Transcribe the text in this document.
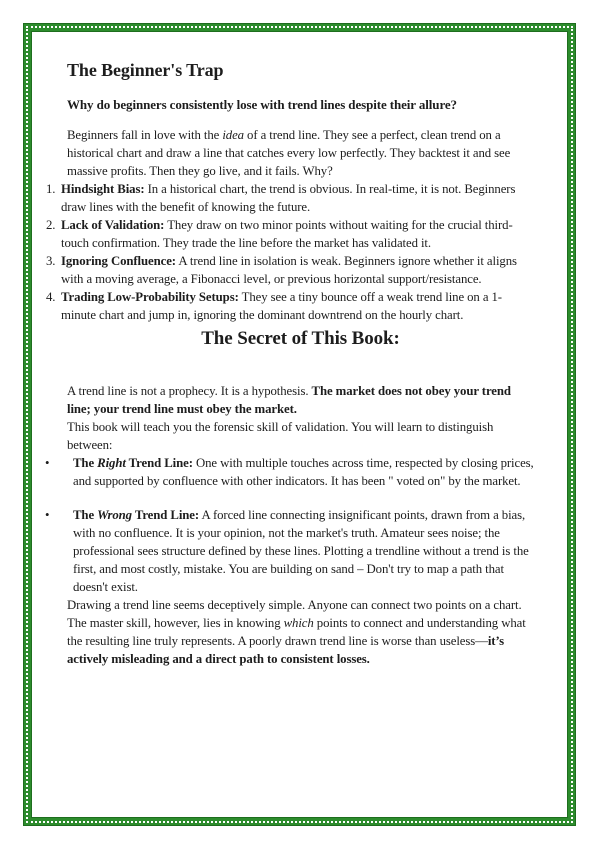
The Beginner's Trap

Why do beginners consistently lose with trend lines despite their allure?

Beginners fall in love with the idea of a trend line. They see a perfect, clean trend on a historical chart and draw a line that catches every low perfectly. They backtest it and see massive profits. Then they go live, and it fails. Why?

1. Hindsight Bias: In a historical chart, the trend is obvious. In real-time, it is not. Beginners draw lines with the benefit of knowing the future.
2. Lack of Validation: They draw on two minor points without waiting for the crucial third-touch confirmation. They trade the line before the market has validated it.
3. Ignoring Confluence: A trend line in isolation is weak. Beginners ignore whether it aligns with a moving average, a Fibonacci level, or previous horizontal support/resistance.
4. Trading Low-Probability Setups: They see a tiny bounce off a weak trend line on a 1-minute chart and jump in, ignoring the dominant downtrend on the hourly chart.
The Secret of This Book:

A trend line is not a prophecy. It is a hypothesis. The market does not obey your trend line; your trend line must obey the market.

This book will teach you the forensic skill of validation. You will learn to distinguish between:

•	The Right Trend Line: One with multiple touches across time, respected by closing prices, and supported by confluence with other indicators. It has been " voted on" by the market.
•	The Wrong Trend Line: A forced line connecting insignificant points, drawn from a bias, with no confluence. It is your opinion, not the market's truth. Amateur sees noise; the professional sees structure defined by these lines. Plotting a trendline without a trend is the first, and most costly, mistake. You are building on sand – Don't try to map a path that doesn't exist.

Drawing a trend line seems deceptively simple. Anyone can connect two points on a chart. The master skill, however, lies in knowing which points to connect and understanding what the resulting line truly represents. A poorly drawn trend line is worse than useless—it’s actively misleading and a direct path to consistent losses.
